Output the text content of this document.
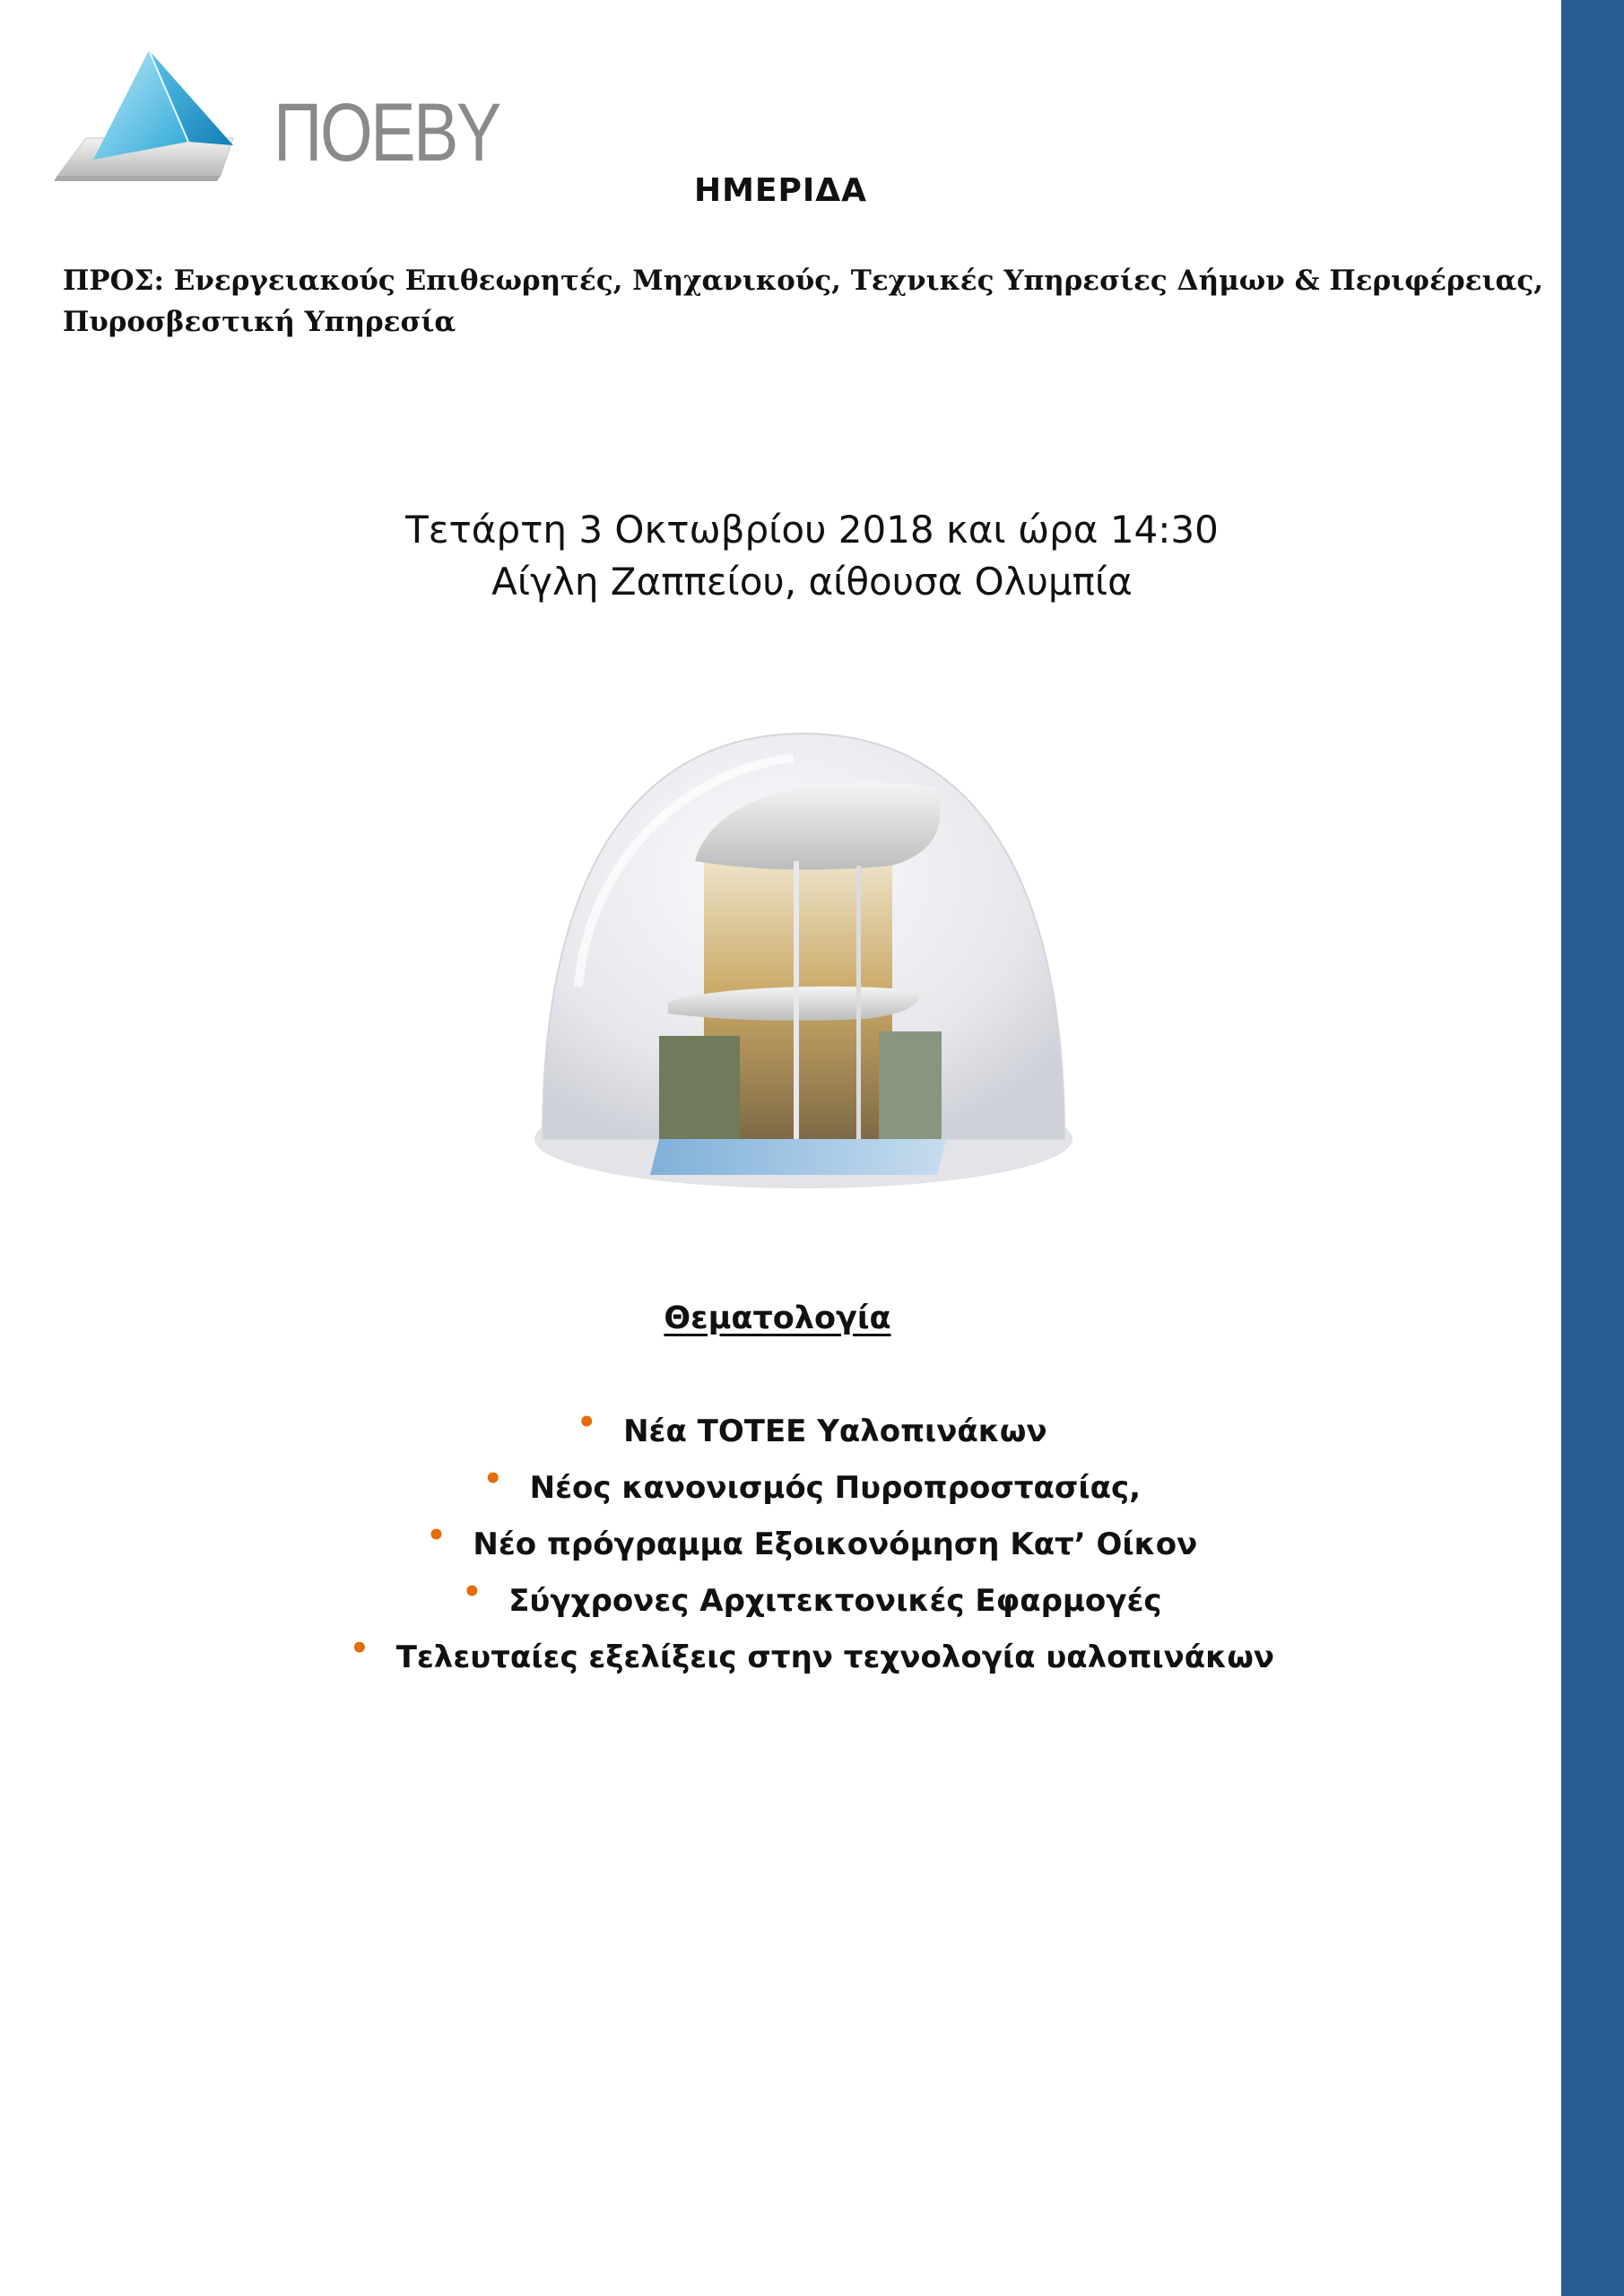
ΠΟΕΒΥ
ΗΜΕΡΙΔΑ
ΠΡΟΣ: Ενεργειακούς Επιθεωρητές, Μηχανικούς, Τεχνικές Υπηρεσίες Δήμων & Περιφέρειας,
Πυροσβεστική Υπηρεσία
Τετάρτη 3 Οκτωβρίου 2018 και ώρα 14:30
Αίγλη Ζαππείου, αίθουσα Ολυμπία
Θεματολογία
• Νέα ΤΟΤΕΕ Υαλοπινάκων
• Νέος κανονισμός Πυροπροστασίας,
• Νέο πρόγραμμα Εξοικονόμηση Κατ’ Οίκον
• Σύγχρονες Αρχιτεκτονικές Εφαρμογές
• Τελευταίες εξελίξεις στην τεχνολογία υαλοπινάκων
